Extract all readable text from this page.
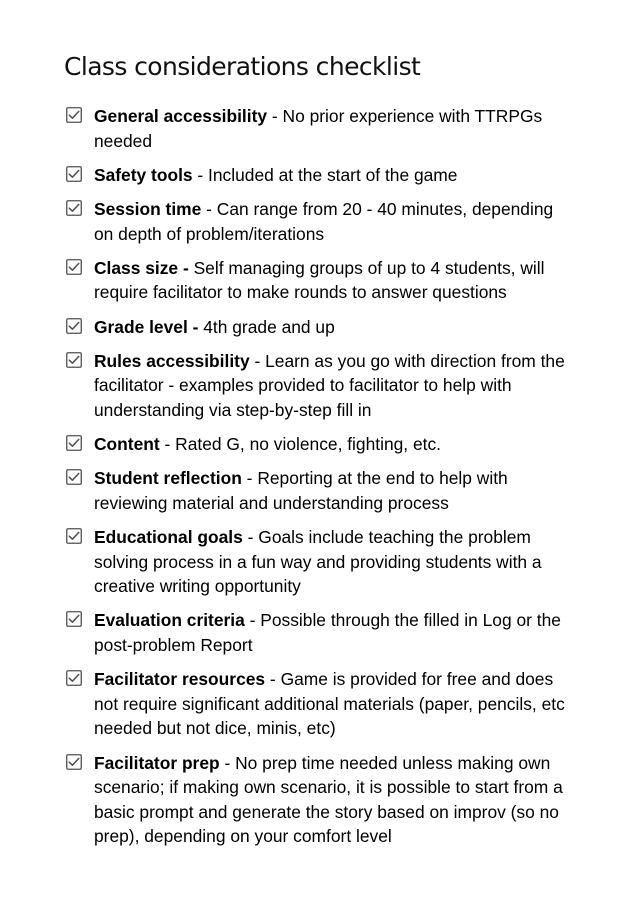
Class considerations checklist
General accessibility - No prior experience with TTRPGs needed
Safety tools - Included at the start of the game
Session time - Can range from 20 - 40 minutes, depending on depth of problem/iterations
Class size - Self managing groups of up to 4 students, will require facilitator to make rounds to answer questions
Grade level - 4th grade and up
Rules accessibility - Learn as you go with direction from the facilitator - examples provided to facilitator to help with understanding via step-by-step fill in
Content - Rated G, no violence, fighting, etc.
Student reflection - Reporting at the end to help with reviewing material and understanding process
Educational goals - Goals include teaching the problem solving process in a fun way and providing students with a creative writing opportunity
Evaluation criteria - Possible through the filled in Log or the post-problem Report
Facilitator resources - Game is provided for free and does not require significant additional materials (paper, pencils, etc needed but not dice, minis, etc)
Facilitator prep - No prep time needed unless making own scenario; if making own scenario, it is possible to start from a basic prompt and generate the story based on improv (so no prep), depending on your comfort level
